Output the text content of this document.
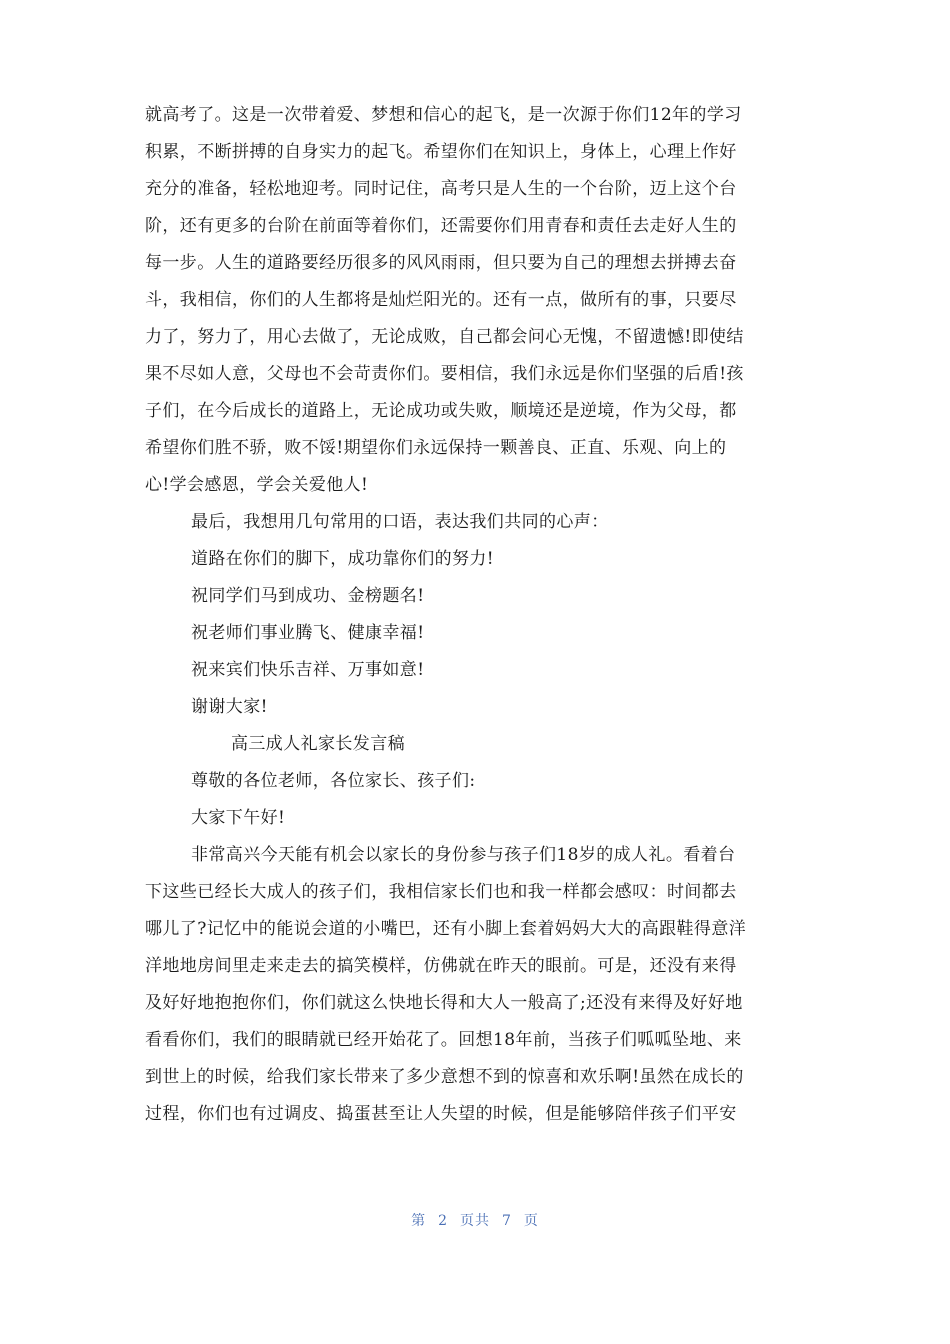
就高考了。这是一次带着爱、梦想和信心的起飞，是一次源于你们12年的学习
积累，不断拼搏的自身实力的起飞。希望你们在知识上，身体上，心理上作好
充分的准备，轻松地迎考。同时记住，高考只是人生的一个台阶，迈上这个台
阶，还有更多的台阶在前面等着你们，还需要你们用青春和责任去走好人生的
每一步。人生的道路要经历很多的风风雨雨，但只要为自己的理想去拼搏去奋
斗，我相信，你们的人生都将是灿烂阳光的。还有一点，做所有的事，只要尽
力了，努力了，用心去做了，无论成败，自己都会问心无愧，不留遗憾!即使结
果不尽如人意，父母也不会苛责你们。要相信，我们永远是你们坚强的后盾!孩
子们，在今后成长的道路上，无论成功或失败，顺境还是逆境，作为父母，都
希望你们胜不骄，败不馁!期望你们永远保持一颗善良、正直、乐观、向上的
心!学会感恩，学会关爱他人!
最后，我想用几句常用的口语，表达我们共同的心声：
道路在你们的脚下，成功靠你们的努力!
祝同学们马到成功、金榜题名!
祝老师们事业腾飞、健康幸福!
祝来宾们快乐吉祥、万事如意!
谢谢大家!
高三成人礼家长发言稿
尊敬的各位老师，各位家长、孩子们:
大家下午好!
非常高兴今天能有机会以家长的身份参与孩子们18岁的成人礼。看着台
下这些已经长大成人的孩子们，我相信家长们也和我一样都会感叹：时间都去
哪儿了?记忆中的能说会道的小嘴巴，还有小脚上套着妈妈大大的高跟鞋得意洋
洋地地房间里走来走去的搞笑模样，仿佛就在昨天的眼前。可是，还没有来得
及好好地抱抱你们，你们就这么快地长得和大人一般高了;还没有来得及好好地
看看你们，我们的眼睛就已经开始花了。回想18年前，当孩子们呱呱坠地、来
到世上的时候，给我们家长带来了多少意想不到的惊喜和欢乐啊!虽然在成长的
过程，你们也有过调皮、捣蛋甚至让人失望的时候，但是能够陪伴孩子们平安
第 2 页共 7 页
